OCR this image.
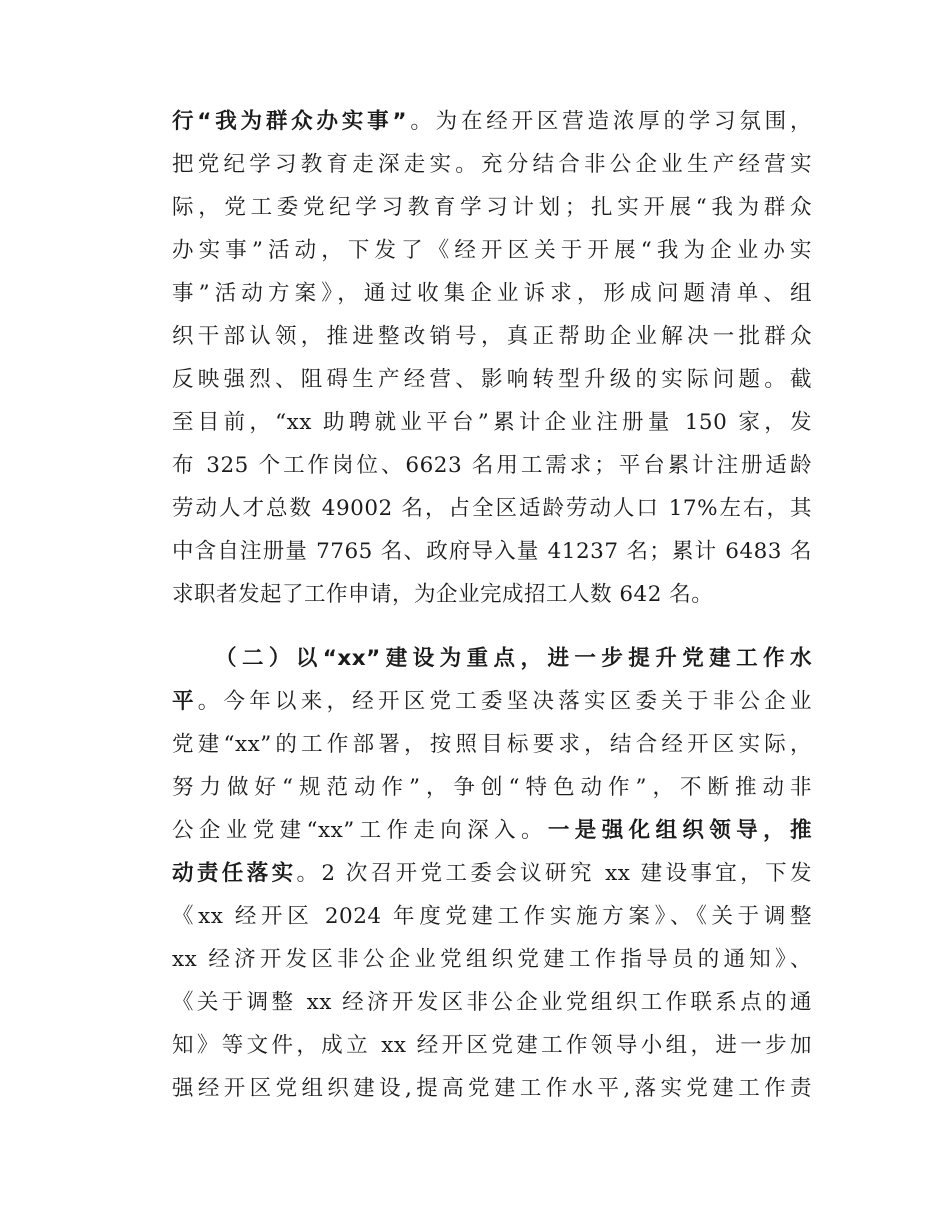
行“我为群众办实事”。为在经开区营造浓厚的学习氛围，
把党纪学习教育走深走实。充分结合非公企业生产经营实
际，党工委党纪学习教育学习计划；扎实开展“我为群众
办实事”活动，下发了《经开区关于开展“我为企业办实
事”活动方案》，通过收集企业诉求，形成问题清单、组
织干部认领，推进整改销号，真正帮助企业解决一批群众
反映强烈、阻碍生产经营、影响转型升级的实际问题。截
至目前，“xx 助聘就业平台”累计企业注册量 150 家，发
布 325 个工作岗位、6623 名用工需求；平台累计注册适龄
劳动人才总数 49002 名，占全区适龄劳动人口 17%左右，其
中含自注册量 7765 名、政府导入量 41237 名；累计 6483 名
求职者发起了工作申请，为企业完成招工人数 642 名。
（二）以“xx”建设为重点，进一步提升党建工作水
平。今年以来，经开区党工委坚决落实区委关于非公企业
党建“xx”的工作部署，按照目标要求，结合经开区实际，
努力做好“规范动作”，争创“特色动作”，不断推动非
公企业党建“xx”工作走向深入。一是强化组织领导，推
动责任落实。2 次召开党工委会议研究 xx 建设事宜，下发
《xx 经开区 2024 年度党建工作实施方案》、《关于调整
xx 经济开发区非公企业党组织党建工作指导员的通知》、
《关于调整 xx 经济开发区非公企业党组织工作联系点的通
知》等文件，成立 xx 经开区党建工作领导小组，进一步加
强经开区党组织建设,提高党建工作水平,落实党建工作责
